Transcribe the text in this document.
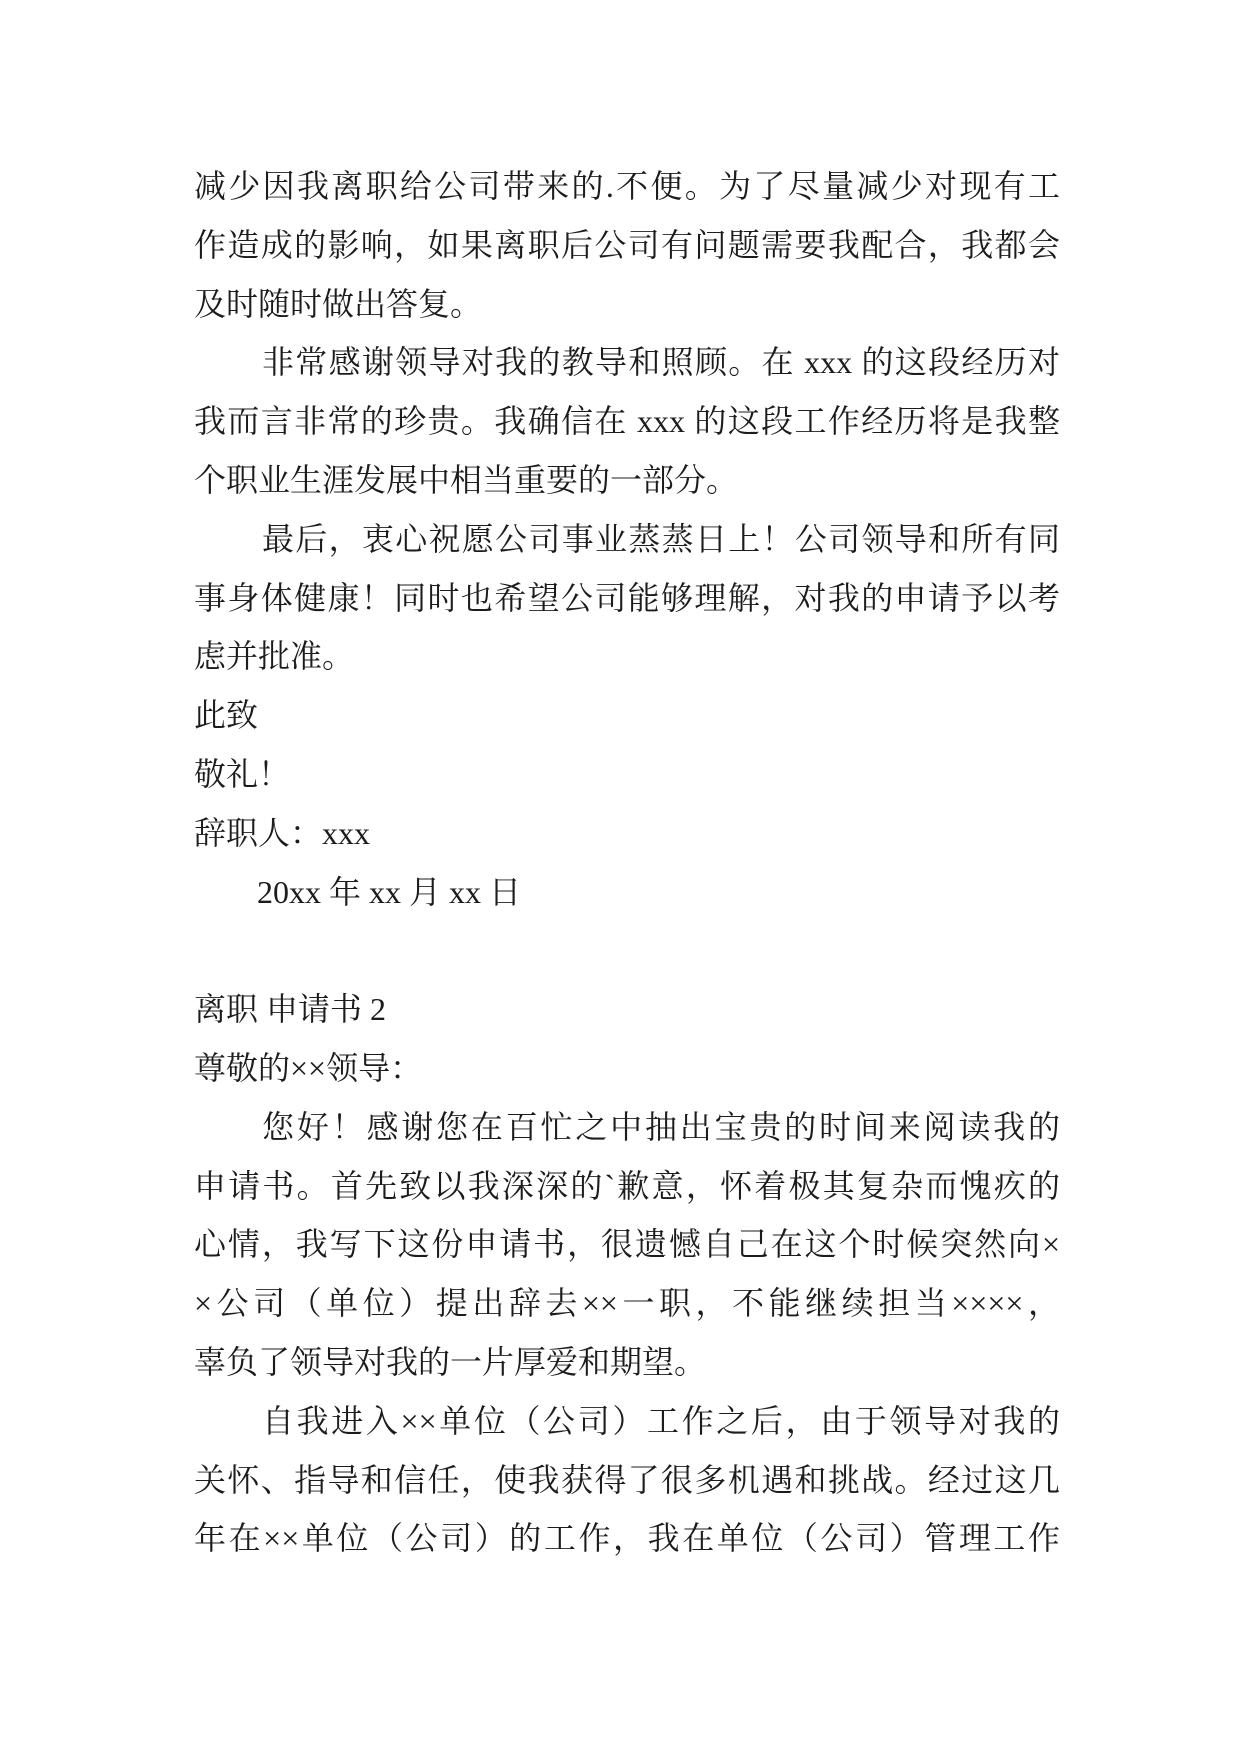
减少因我离职给公司带来的.不便。为了尽量减少对现有工
作造成的影响，如果离职后公司有问题需要我配合，我都会
及时随时做出答复。
非常感谢领导对我的教导和照顾。在 xxx 的这段经历对
我而言非常的珍贵。我确信在 xxx 的这段工作经历将是我整
个职业生涯发展中相当重要的一部分。
最后，衷心祝愿公司事业蒸蒸日上！公司领导和所有同
事身体健康！同时也希望公司能够理解，对我的申请予以考
虑并批准。
此致
敬礼！
辞职人：xxx
20xx 年 xx 月 xx 日
离职 申请书 2
尊敬的××领导：
您好！感谢您在百忙之中抽出宝贵的时间来阅读我的
申请书。首先致以我深深的`歉意，怀着极其复杂而愧疚的
心情，我写下这份申请书，很遗憾自己在这个时候突然向×
×公司（单位）提出辞去××一职，不能继续担当××××，
辜负了领导对我的一片厚爱和期望。
自我进入××单位（公司）工作之后，由于领导对我的
关怀、指导和信任，使我获得了很多机遇和挑战。经过这几
年在××单位（公司）的工作，我在单位（公司）管理工作
